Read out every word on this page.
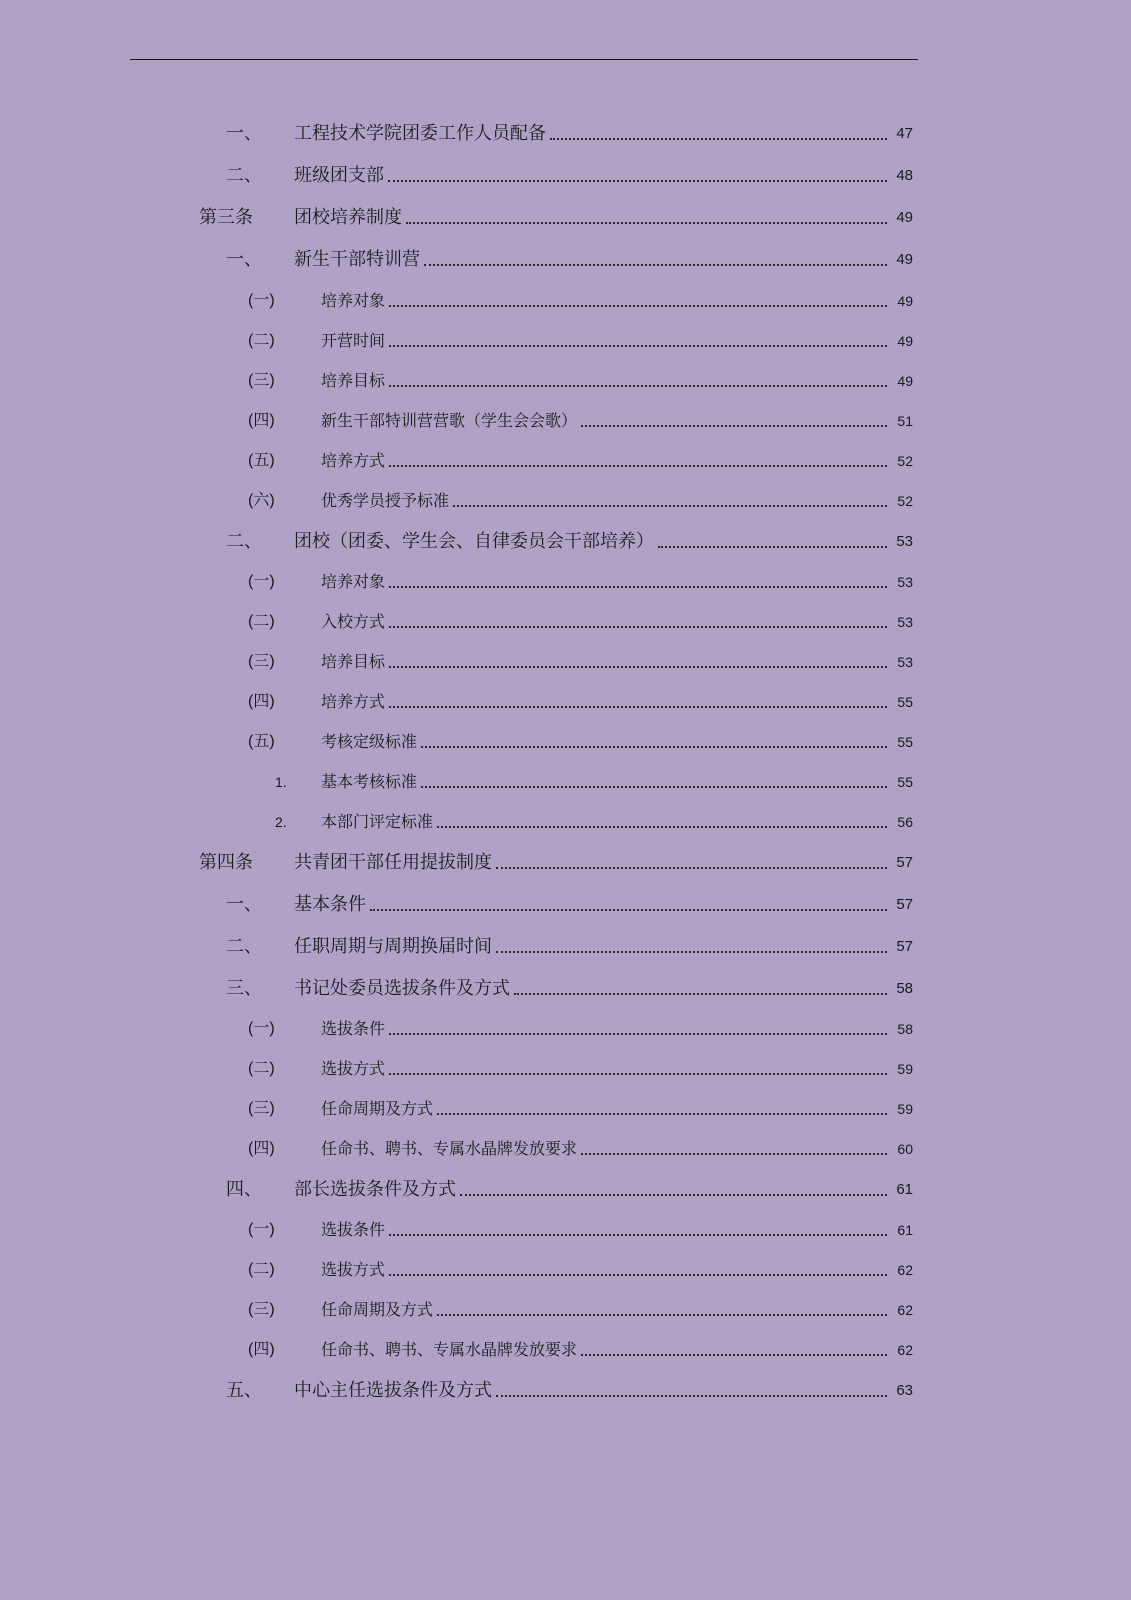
一、 工程技术学院团委工作人员配备	47
二、 班级团支部	48
第三条 团校培养制度	49
一、 新生干部特训营	49
(一)	培养对象	49
(二)	开营时间	49
(三)	培养目标	49
(四)	新生干部特训营营歌（学生会会歌）	51
(五)	培养方式	52
(六)	优秀学员授予标准	52
二、 团校（团委、学生会、自律委员会干部培养）	53
(一)	培养对象	53
(二)	入校方式	53
(三)	培养目标	53
(四)	培养方式	55
(五)	考核定级标准	55
1. 基本考核标准	55
2. 本部门评定标准	56
第四条 共青团干部任用提拔制度	57
一、 基本条件	57
二、 任职周期与周期换届时间	57
三、 书记处委员选拔条件及方式	58
(一)	选拔条件	58
(二)	选拔方式	59
(三)	任命周期及方式	59
(四)	任命书、聘书、专属水晶牌发放要求	60
四、 部长选拔条件及方式	61
(一)	选拔条件	61
(二)	选拔方式	62
(三)	任命周期及方式	62
(四)	任命书、聘书、专属水晶牌发放要求	62
五、 中心主任选拔条件及方式	63
